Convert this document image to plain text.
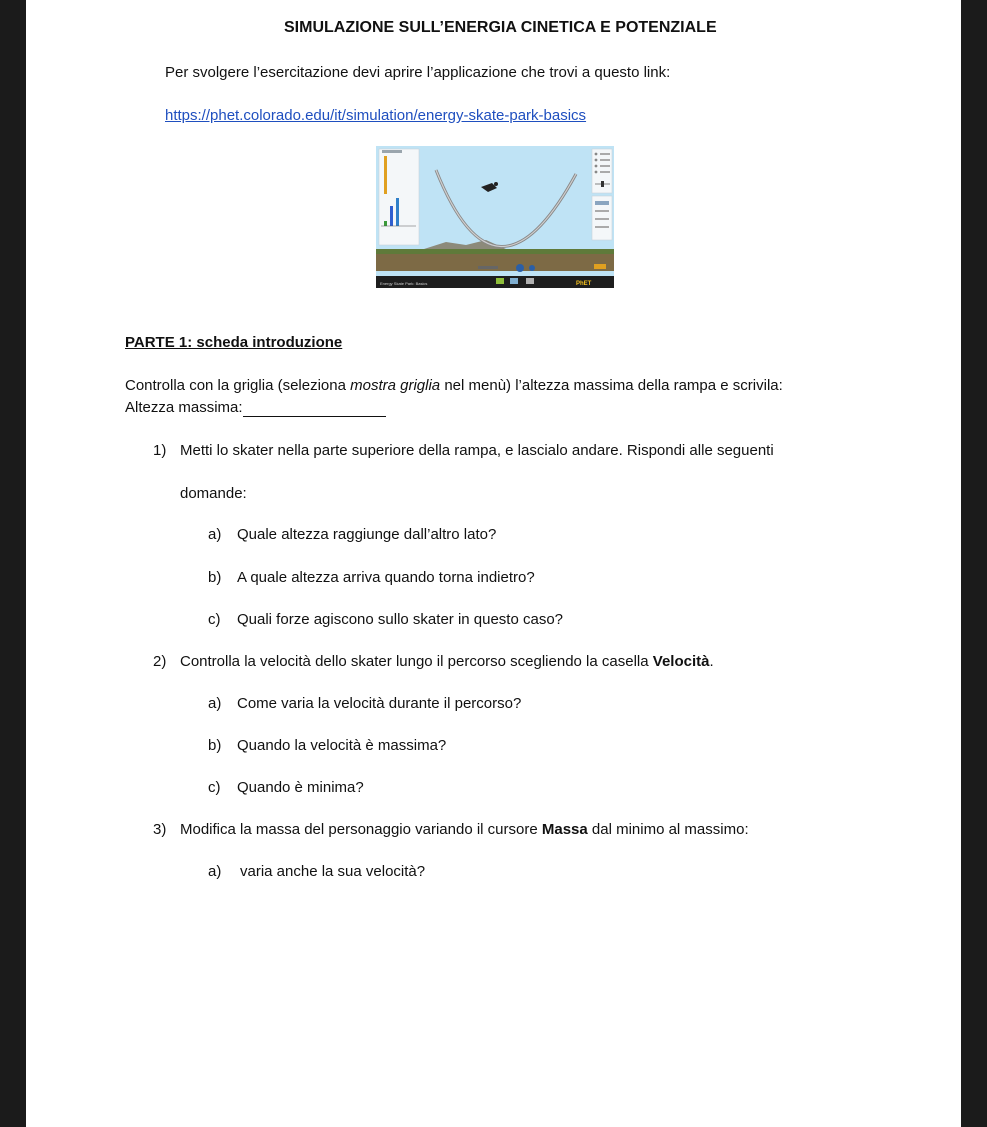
SIMULAZIONE SULL’ENERGIA CINETICA E POTENZIALE
Per svolgere l’esercitazione devi aprire l’applicazione che trovi a questo link:
https://phet.colorado.edu/it/simulation/energy-skate-park-basics
Energy Skate Park: Basics	PhET
PARTE 1: scheda introduzione
Controlla con la griglia (seleziona mostra griglia nel menù) l’altezza massima della rampa e scrivila:
Altezza massima:
1) Metti lo skater nella parte superiore della rampa, e lascialo andare. Rispondi alle seguenti
domande:
a) Quale altezza raggiunge dall’altro lato?
b) A quale altezza arriva quando torna indietro?
c) Quali forze agiscono sullo skater in questo caso?
2) Controlla la velocità dello skater lungo il percorso scegliendo la casella Velocità.
a) Come varia la velocità durante il percorso?
b) Quando la velocità è massima?
c) Quando è minima?
3) Modifica la massa del personaggio variando il cursore Massa dal minimo al massimo:
a) varia anche la sua velocità?
